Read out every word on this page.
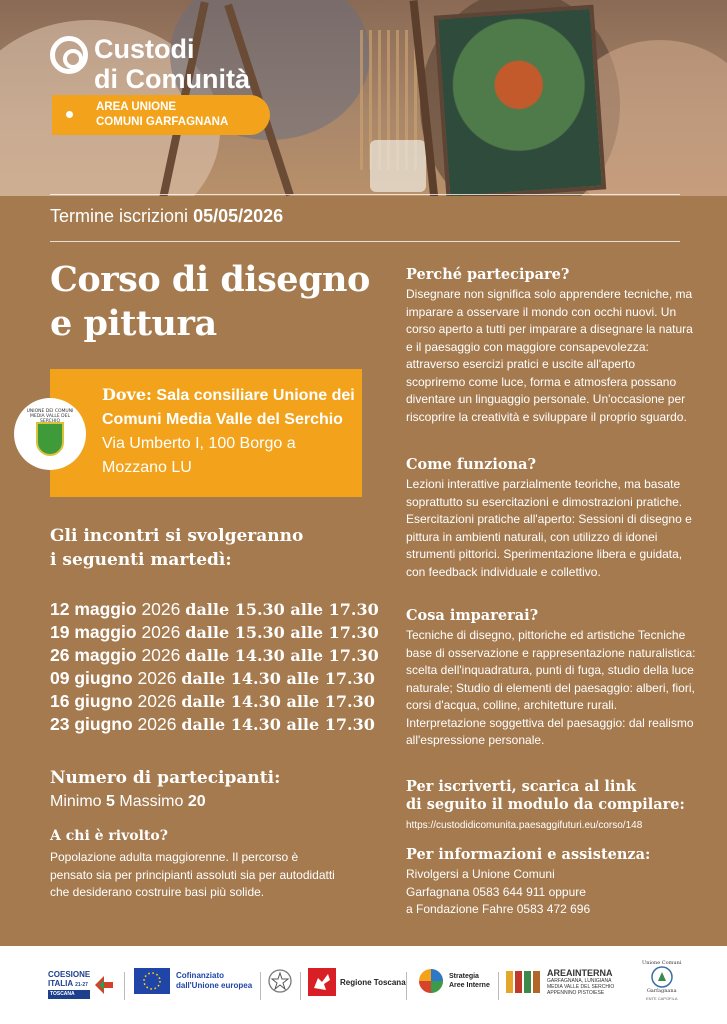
Custodi
di Comunità
AREA UNIONE
COMUNI GARFAGNANA
Termine iscrizioni 05/05/2026
Corso di disegno
e pittura
Dove: Sala consiliare Unione dei Comuni Media Valle del Serchio Via Umberto I, 100 Borgo a Mozzano LU
UNIONE DEI COMUNI MEDIA VALLE DEL
Gli incontri si svolgeranno
i seguenti martedì:
12 maggio 2026 dalle 15.30 alle 17.30
19 maggio 2026 dalle 15.30 alle 17.30
26 maggio 2026 dalle 14.30 alle 17.30
09 giugno 2026 dalle 14.30 alle 17.30
16 giugno 2026 dalle 14.30 alle 17.30
23 giugno 2026 dalle 14.30 alle 17.30
Numero di partecipanti:
Minimo 5 Massimo 20
A chi è rivolto?
Popolazione adulta maggiorenne. Il percorso è pensato sia per principianti assoluti sia per autodidatti che desiderano costruire basi più solide.
Perché partecipare?
Disegnare non significa solo apprendere tecniche, ma imparare a osservare il mondo con occhi nuovi. Un corso aperto a tutti per imparare a disegnare la natura e il paesaggio con maggiore consapevolezza: attraverso esercizi pratici e uscite all'aperto scopriremo come luce, forma e atmosfera possano diventare un linguaggio personale. Un'occasione per riscoprire la creatività e sviluppare il proprio sguardo.
Come funziona?
Lezioni interattive parzialmente teoriche, ma basate soprattutto su esercitazioni e dimostrazioni pratiche. Esercitazioni pratiche all'aperto: Sessioni di disegno e pittura in ambienti naturali, con utilizzo di idonei strumenti pittorici. Sperimentazione libera e guidata, con feedback individuale e collettivo.
Cosa imparerai?
Tecniche di disegno, pittoriche ed artistiche Tecniche base di osservazione e rappresentazione naturalistica: scelta dell'inquadratura, punti di fuga, studio della luce naturale; Studio di elementi del paesaggio: alberi, fiori, corsi d'acqua, colline, architetture rurali. Interpretazione soggettiva del paesaggio: dal realismo all'espressione personale.
Per iscriverti, scarica al link
di seguito il modulo da compilare:
https://custodidicomunita.paesaggifuturi.eu/corso/148
Per informazioni e assistenza:
Rivolgersi a Unione Comuni
Garfagnana 0583 644 911 oppure
a Fondazione Fahre 0583 472 696
COESIONE
ITALIA 21-27
TOSCANA
Cofinanziato
dall'Unione europea	Regione Toscana
Strategia
Aree Interne
AREAINTERNA
GARFAGNANA, LUNIGIANA
MEDIA VALLE DEL SERCHIO
APPENNINO PISTOIESE
Unione Comuni
Garfagnana
ENTE CAPOFILA
